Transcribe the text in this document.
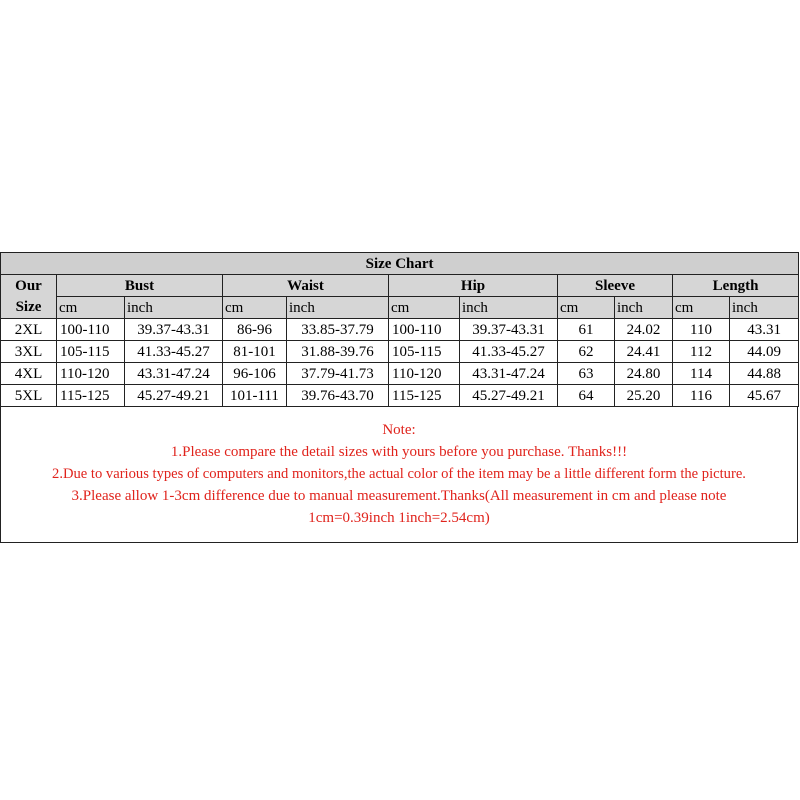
Size Chart										
Our
Size	Bust		Waist		Hip		Sleeve		Length	
	cm	inch	cm	inch	cm	inch	cm	inch	cm	inch
2XL	100-110	39.37-43.31	86-96	33.85-37.79	100-110	39.37-43.31	61	24.02	110	43.31
3XL	105-115	41.33-45.27	81-101	31.88-39.76	105-115	41.33-45.27	62	24.41	112	44.09
4XL	110-120	43.31-47.24	96-106	37.79-41.73	110-120	43.31-47.24	63	24.80	114	44.88
5XL	115-125	45.27-49.21	101-111	39.76-43.70	115-125	45.27-49.21	64	25.20	116	45.67
Note:
1.Please compare the detail sizes with yours before you purchase. Thanks!!!
2.Due to various types of computers and monitors,the actual color of the item may be a little different form the picture.
3.Please allow 1-3cm difference due to manual measurement.Thanks(All measurement in cm and please note
1cm=0.39inch 1inch=2.54cm)
